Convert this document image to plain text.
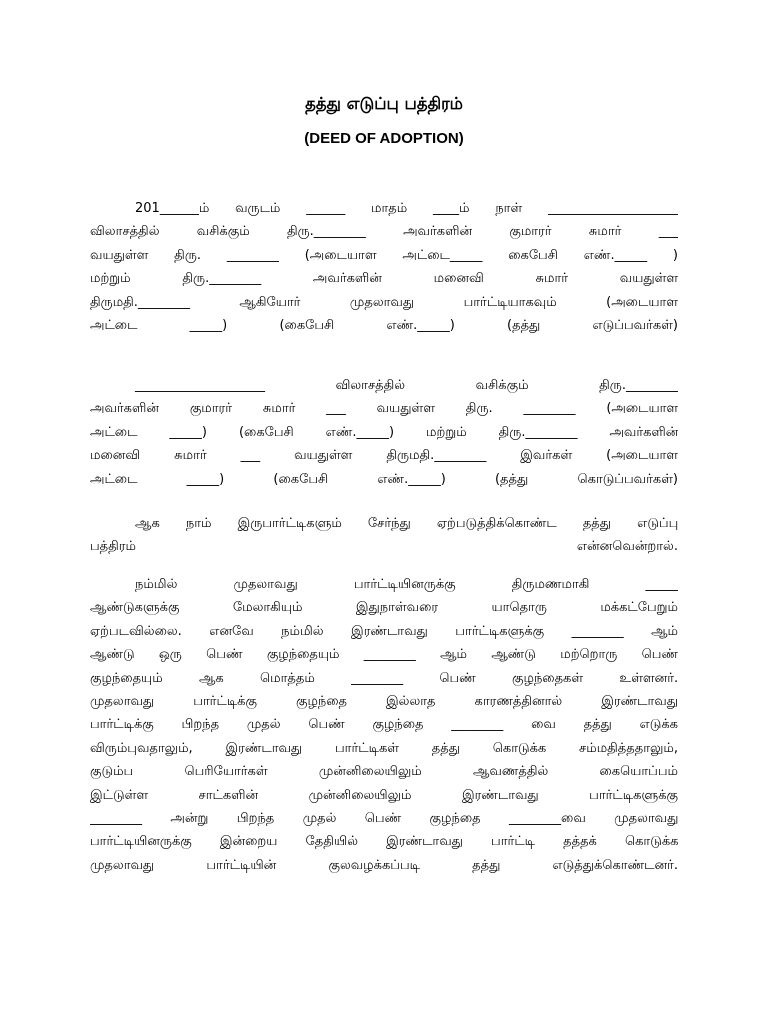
தத்து எடுப்பு பத்திரம்
(DEED OF ADOPTION)
201______ம் வருடம் ______ மாதம் ____ம் நாள் ____________________
விலாசத்தில் வசிக்கும் திரு.________ அவர்களின் குமாரர் சுமார் ___
வயதுள்ள திரு. ________ (அடையாள அட்டை_____ கைபேசி எண்._____ )
மற்றும் திரு.________ அவர்களின் மனைவி சுமார் வயதுள்ள
திருமதி.________ ஆகியோர் முதலாவது பார்ட்டியாகவும் (அடையாள
அட்டை _____) (கைபேசி எண்._____) (தத்து எடுப்பவர்கள்)
____________________ விலாசத்தில் வசிக்கும் திரு.________
அவர்களின் குமாரர் சுமார் ___ வயதுள்ள திரு. ________ (அடையாள
அட்டை _____) (கைபேசி எண்._____) மற்றும் திரு.________ அவர்களின்
மனைவி சுமார் ___ வயதுள்ள திருமதி.________ இவர்கள் (அடையாள
அட்டை _____) (கைபேசி எண்._____) (தத்து கொடுப்பவர்கள்)
ஆக நாம் இருபார்ட்டிகளும் சேர்ந்து ஏற்படுத்திக்கொண்ட தத்து எடுப்பு
பத்திரம் என்னவென்றால்.
நம்மில் முதலாவது பார்ட்டியினருக்கு திருமணமாகி _____
ஆண்டுகளுக்கு மேலாகியும் இதுநாள்வரை யாதொரு மக்கட்பேறும்
ஏற்படவில்லை. எனவே நம்மில் இரண்டாவது பார்ட்டிகளுக்கு ________ ஆம்
ஆண்டு ஒரு பெண் குழந்தையும் ________ ஆம் ஆண்டு மற்றொரு பெண்
குழந்தையும் ஆக மொத்தம் ________ பெண் குழந்தைகள் உள்ளனர்.
முதலாவது பார்ட்டிக்கு குழந்தை இல்லாத காரணத்தினால் இரண்டாவது
பார்ட்டிக்கு பிறந்த முதல் பெண் குழந்தை ________ வை தத்து எடுக்க
விரும்புவதாலும், இரண்டாவது பார்ட்டிகள் தத்து கொடுக்க சம்மதித்ததாலும்,
குடும்ப பெரியோர்கள் முன்னிலையிலும் ஆவணத்தில் கையொப்பம்
இட்டுள்ள சாட்களின் முன்னிலையிலும் இரண்டாவது பார்ட்டிகளுக்கு
________ அன்று பிறந்த முதல் பெண் குழந்தை ________வை முதலாவது
பார்ட்டியினருக்கு இன்றைய தேதியில் இரண்டாவது பார்ட்டி தத்தக் கொடுக்க
முதலாவது பார்ட்டியின் குலவழக்கப்படி தத்து எடுத்துக்கொண்டனர்.
